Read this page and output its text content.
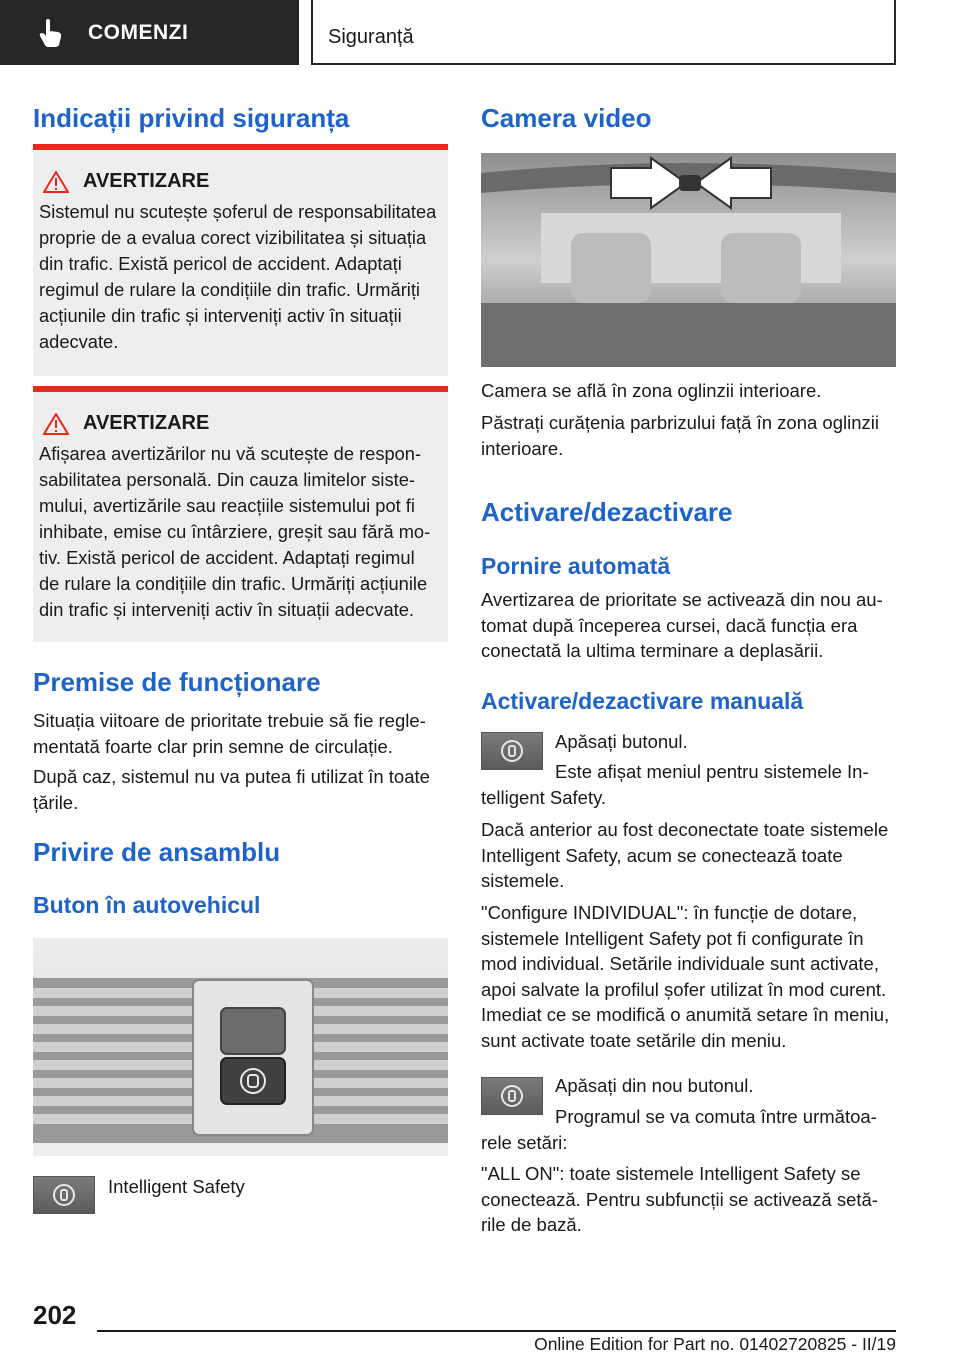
COMENZI	Siguranță
Indicații privind siguranța
AVERTIZARE

Sistemul nu scutește șoferul de responsabilitatea proprie de a evalua corect vizibilitatea și situația din trafic. Există pericol de accident. Adaptați regimul de rulare la condițiile din trafic. Urmăriți acțiunile din trafic și interveniți activ în situații adecvate.

AVERTIZARE

Afișarea avertizărilor nu vă scutește de responsabilitatea personală. Din cauza limitelor sistemului, avertizările sau reacțiile sistemului pot fi inhibate, emise cu întârziere, greșit sau fără motiv. Există pericol de accident. Adaptați regimul de rulare la condițiile din trafic. Urmăriți acțiunile din trafic și interveniți activ în situații adecvate.

Premise de funcționare

Situația viitoare de prioritate trebuie să fie reglementată foarte clar prin semne de circulație.

După caz, sistemul nu va putea fi utilizat în toate țările.

Privire de ansamblu
Buton în autovehicul

Intelligent Safety

Camera video

Camera se află în zona oglinzii interioare.

Păstrați curățenia parbrizului față în zona oglinzii interioare.

Activare/dezactivare
Pornire automată

Avertizarea de prioritate se activează din nou automat după începerea cursei, dacă funcția era conectată la ultima terminare a deplasării.

Activare/dezactivare manuală

Apăsați butonul.

Este afișat meniul pentru sistemele Intelligent Safety.

Dacă anterior au fost deconectate toate sistemele Intelligent Safety, acum se conectează toate sistemele.

"Configure INDIVIDUAL": în funcție de dotare, sistemele Intelligent Safety pot fi configurate în mod individual. Setările individuale sunt activate, apoi salvate la profilul șofer utilizat în mod curent. Imediat ce se modifică o anumită setare în meniu, sunt activate toate setările din meniu.

Apăsați din nou butonul.

Programul se va comuta între următoarele setări:

"ALL ON": toate sistemele Intelligent Safety se conectează. Pentru subfuncții se activează setările de bază.

202
Online Edition for Part no. 01402720825 - II/19
